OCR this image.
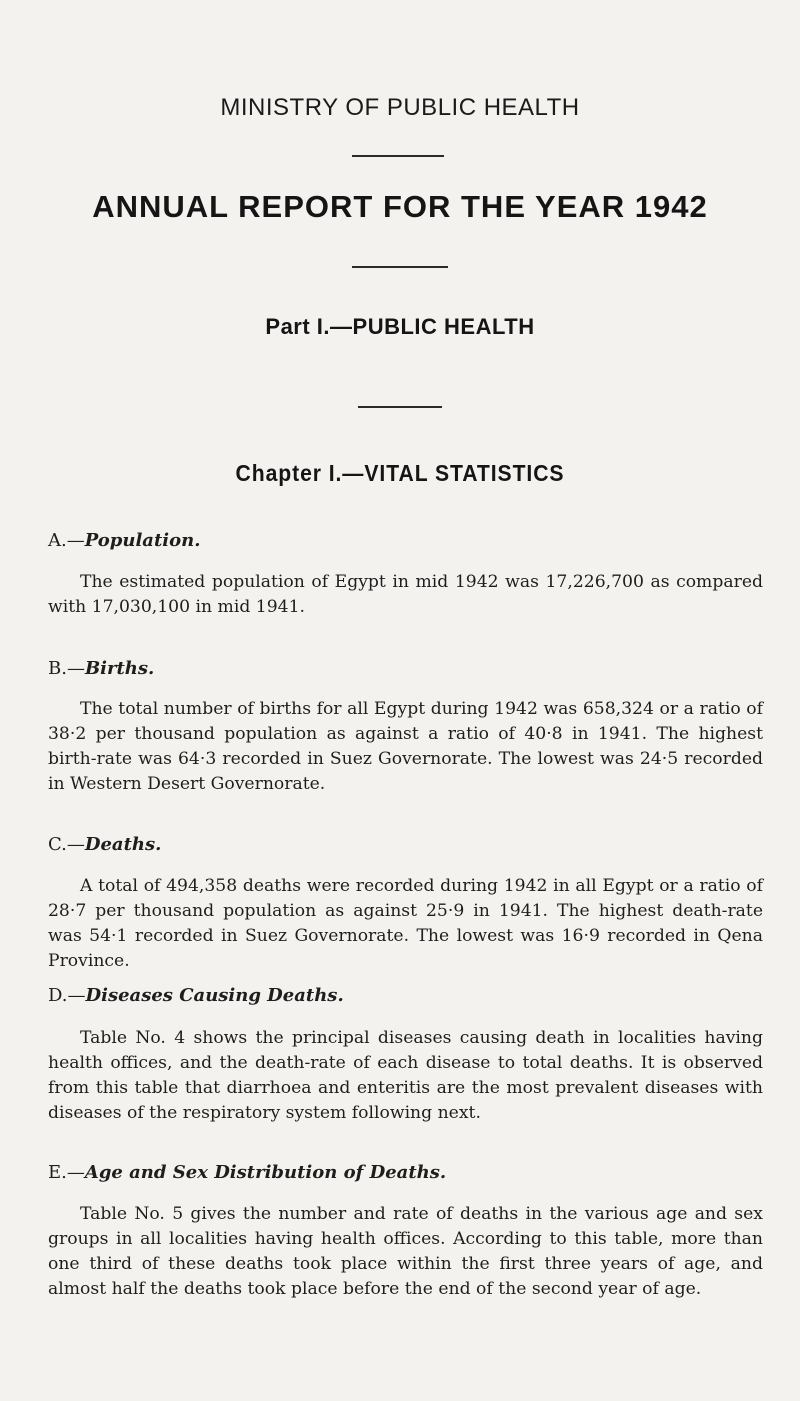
MINISTRY OF PUBLIC HEALTH
ANNUAL REPORT FOR THE YEAR 1942
Part I.—PUBLIC HEALTH
Chapter I.—VITAL STATISTICS
A.—Population.
The estimated population of Egypt in mid 1942 was 17,226,700 as compared with 17,030,100 in mid 1941.
B.—Births.
The total number of births for all Egypt during 1942 was 658,324 or a ratio of 38·2 per thousand population as against a ratio of 40·8 in 1941. The highest birth-rate was 64·3 recorded in Suez Governorate. The lowest was 24·5 recorded in Western Desert Governorate.
C.—Deaths.
A total of 494,358 deaths were recorded during 1942 in all Egypt or a ratio of 28·7 per thousand population as against 25·9 in 1941. The highest death-rate was 54·1 recorded in Suez Governorate. The lowest was 16·9 recorded in Qena Province.
D.—Diseases Causing Deaths.
Table No. 4 shows the principal diseases causing death in localities having health offices, and the death-rate of each disease to total deaths. It is observed from this table that diarrhoea and enteritis are the most prevalent diseases with diseases of the respiratory system following next.
E.—Age and Sex Distribution of Deaths.
Table No. 5 gives the number and rate of deaths in the various age and sex groups in all localities having health offices. According to this table, more than one third of these deaths took place within the first three years of age, and almost half the deaths took place before the end of the second year of age.
